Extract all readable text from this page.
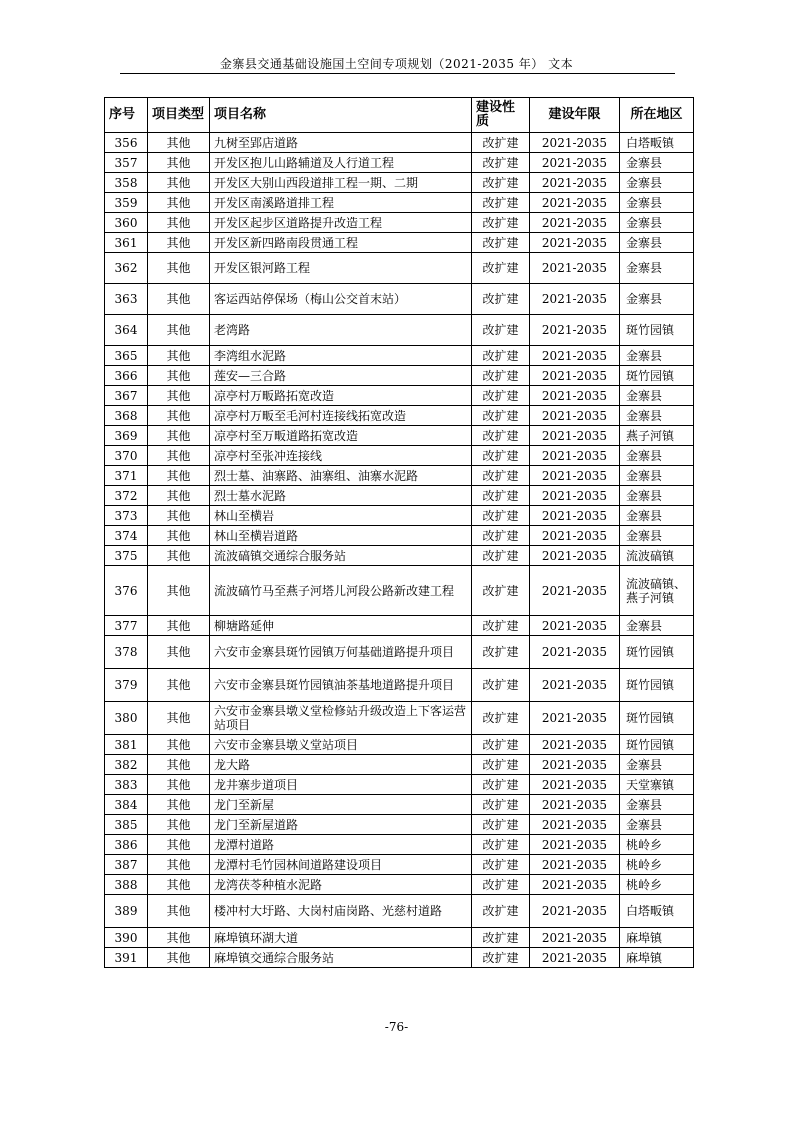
金寨县交通基础设施国土空间专项规划（2021-2035 年） 文本
序号	项目类型	项目名称	建设性质	建设年限	所在地区
356	其他	九树至郢店道路	改扩建	2021-2035	白塔畈镇
357	其他	开发区抱儿山路辅道及人行道工程	改扩建	2021-2035	金寨县
358	其他	开发区大别山西段道排工程一期、二期	改扩建	2021-2035	金寨县
359	其他	开发区南溪路道排工程	改扩建	2021-2035	金寨县
360	其他	开发区起步区道路提升改造工程	改扩建	2021-2035	金寨县
361	其他	开发区新四路南段贯通工程	改扩建	2021-2035	金寨县
362	其他	开发区银河路工程	改扩建	2021-2035	金寨县
363	其他	客运西站停保场（梅山公交首末站）	改扩建	2021-2035	金寨县
364	其他	老湾路	改扩建	2021-2035	斑竹园镇
365	其他	李湾组水泥路	改扩建	2021-2035	金寨县
366	其他	莲安—三合路	改扩建	2021-2035	斑竹园镇
367	其他	凉亭村万畈路拓宽改造	改扩建	2021-2035	金寨县
368	其他	凉亭村万畈至毛河村连接线拓宽改造	改扩建	2021-2035	金寨县
369	其他	凉亭村至万畈道路拓宽改造	改扩建	2021-2035	燕子河镇
370	其他	凉亭村至张冲连接线	改扩建	2021-2035	金寨县
371	其他	烈士墓、油寨路、油寨组、油寨水泥路	改扩建	2021-2035	金寨县
372	其他	烈士墓水泥路	改扩建	2021-2035	金寨县
373	其他	林山至横岩	改扩建	2021-2035	金寨县
374	其他	林山至横岩道路	改扩建	2021-2035	金寨县
375	其他	流波碻镇交通综合服务站	改扩建	2021-2035	流波碻镇
376	其他	流波碻竹马至燕子河塔儿河段公路新改建工程	改扩建	2021-2035	流波碻镇、燕子河镇
377	其他	柳塘路延伸	改扩建	2021-2035	金寨县
378	其他	六安市金寨县斑竹园镇万何基础道路提升项目	改扩建	2021-2035	斑竹园镇
379	其他	六安市金寨县斑竹园镇油茶基地道路提升项目	改扩建	2021-2035	斑竹园镇
380	其他	六安市金寨县墩义堂检修站升级改造上下客运营站项目	改扩建	2021-2035	斑竹园镇
381	其他	六安市金寨县墩义堂站项目	改扩建	2021-2035	斑竹园镇
382	其他	龙大路	改扩建	2021-2035	金寨县
383	其他	龙井寨步道项目	改扩建	2021-2035	天堂寨镇
384	其他	龙门至新屋	改扩建	2021-2035	金寨县
385	其他	龙门至新屋道路	改扩建	2021-2035	金寨县
386	其他	龙潭村道路	改扩建	2021-2035	桃岭乡
387	其他	龙潭村毛竹园林间道路建设项目	改扩建	2021-2035	桃岭乡
388	其他	龙湾茯苓种植水泥路	改扩建	2021-2035	桃岭乡
389	其他	楼冲村大圩路、大岗村庙岗路、光慈村道路	改扩建	2021-2035	白塔畈镇
390	其他	麻埠镇环湖大道	改扩建	2021-2035	麻埠镇
391	其他	麻埠镇交通综合服务站	改扩建	2021-2035	麻埠镇
-76-
